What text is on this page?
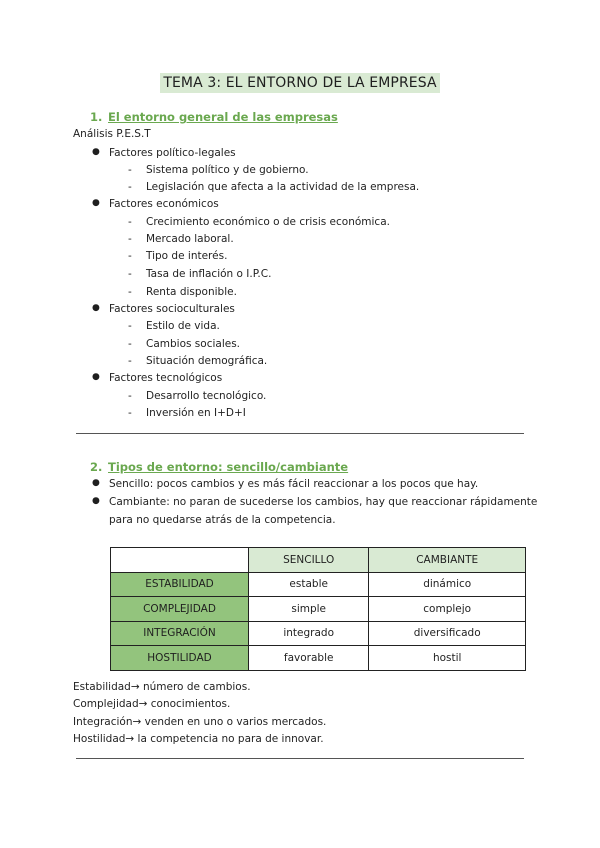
TEMA 3: EL ENTORNO DE LA EMPRESA
1. El entorno general de las empresas
Análisis P.E.S.T
● Factores político-legales
- Sistema político y de gobierno.
- Legislación que afecta a la actividad de la empresa.
● Factores económicos
- Crecimiento económico o de crisis económica.
- Mercado laboral.
- Tipo de interés.
- Tasa de inflación o I.P.C.
- Renta disponible.
● Factores socioculturales
- Estilo de vida.
- Cambios sociales.
- Situación demográfica.
● Factores tecnológicos
- Desarrollo tecnológico.
- Inversión en I+D+I
2. Tipos de entorno: sencillo/cambiante
● Sencillo: pocos cambios y es más fácil reaccionar a los pocos que hay.
● Cambiante: no paran de sucederse los cambios, hay que reaccionar rápidamente
para no quedarse atrás de la competencia.
	SENCILLO	CAMBIANTE
ESTABILIDAD	estable	dinámico
COMPLEJIDAD	simple	complejo
INTEGRACIÓN	integrado	diversificado
HOSTILIDAD	favorable	hostil
Estabilidad→ número de cambios.
Complejidad→ conocimientos.
Integración→ venden en uno o varios mercados.
Hostilidad→ la competencia no para de innovar.
